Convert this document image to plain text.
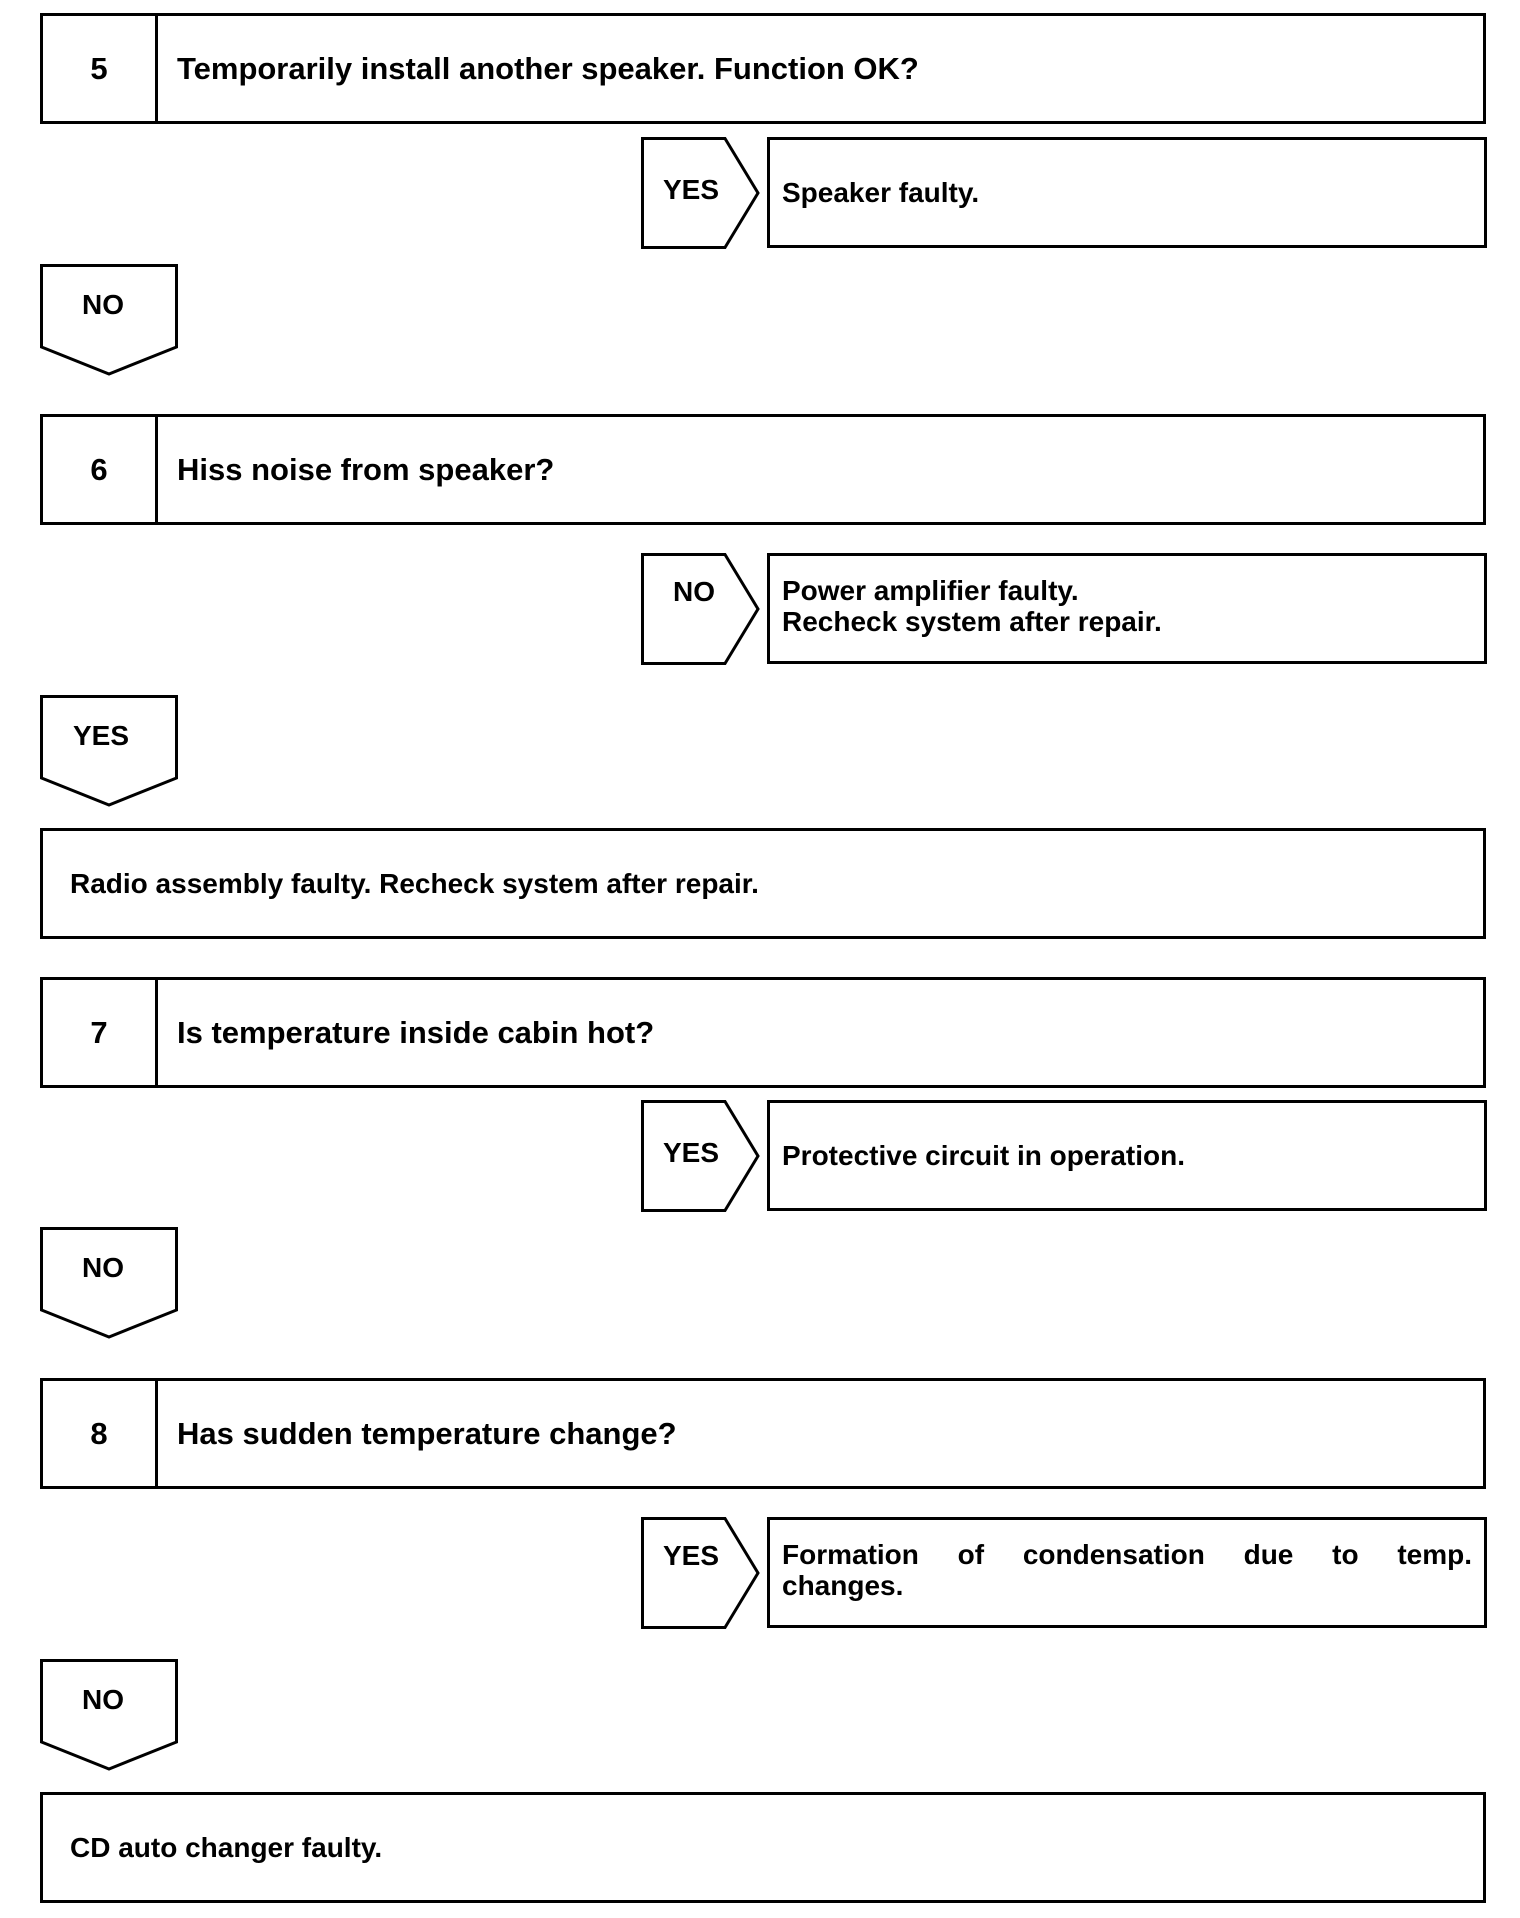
5	Temporarily install another speaker. Function OK?
YES Speaker faulty.
NO
6	Hiss noise from speaker?
NO Power amplifier faulty.
Recheck system after repair.
YES
Radio assembly faulty. Recheck system after repair.
7	Is temperature inside cabin hot?
YES Protective circuit in operation.
NO
8	Has sudden temperature change?
YES Formation of condensation due to temp.
changes.
NO
CD auto changer faulty.
